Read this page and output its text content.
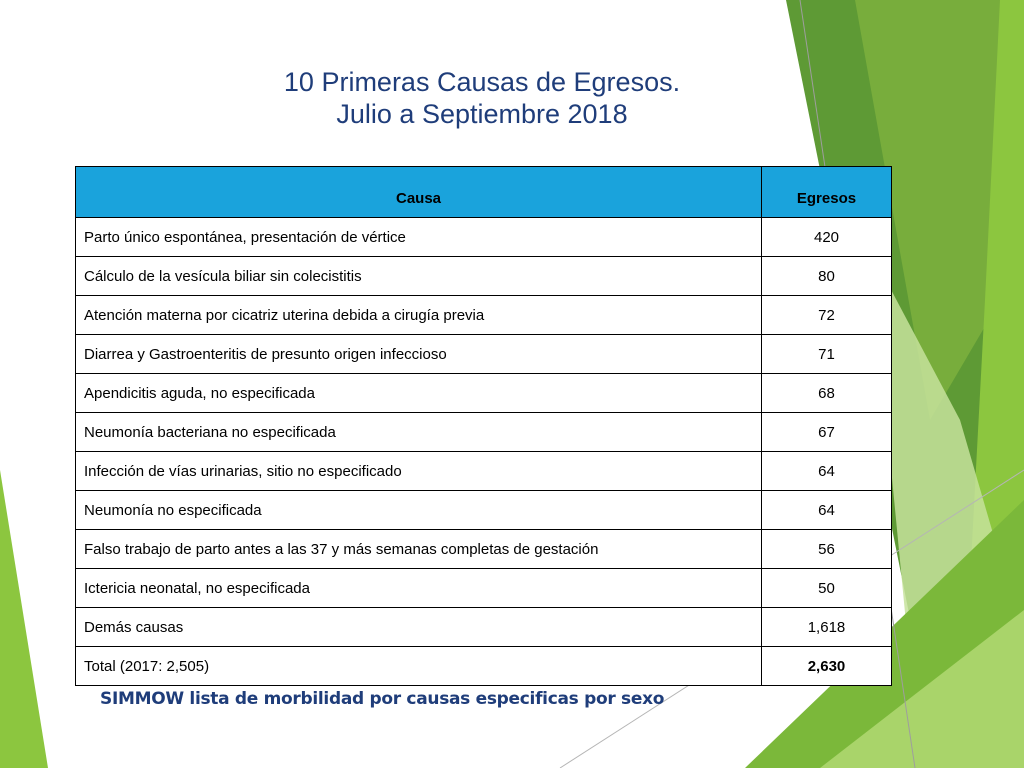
10 Primeras Causas de Egresos.
Julio a Septiembre 2018
Causa	Egresos
Parto único espontánea, presentación de vértice	420
Cálculo de la vesícula biliar sin colecistitis	80
Atención materna por cicatriz uterina debida a cirugía previa	72
Diarrea y Gastroenteritis de presunto origen infeccioso	71
Apendicitis aguda, no especificada	68
Neumonía bacteriana no especificada	67
Infección de vías urinarias, sitio no especificado	64
Neumonía no especificada	64
Falso trabajo de parto antes a las 37 y más semanas completas de gestación	56
Ictericia neonatal, no especificada	50
Demás causas	1,618
Total (2017: 2,505)	2,630
SIMMOW lista de morbilidad por causas especificas por sexo
